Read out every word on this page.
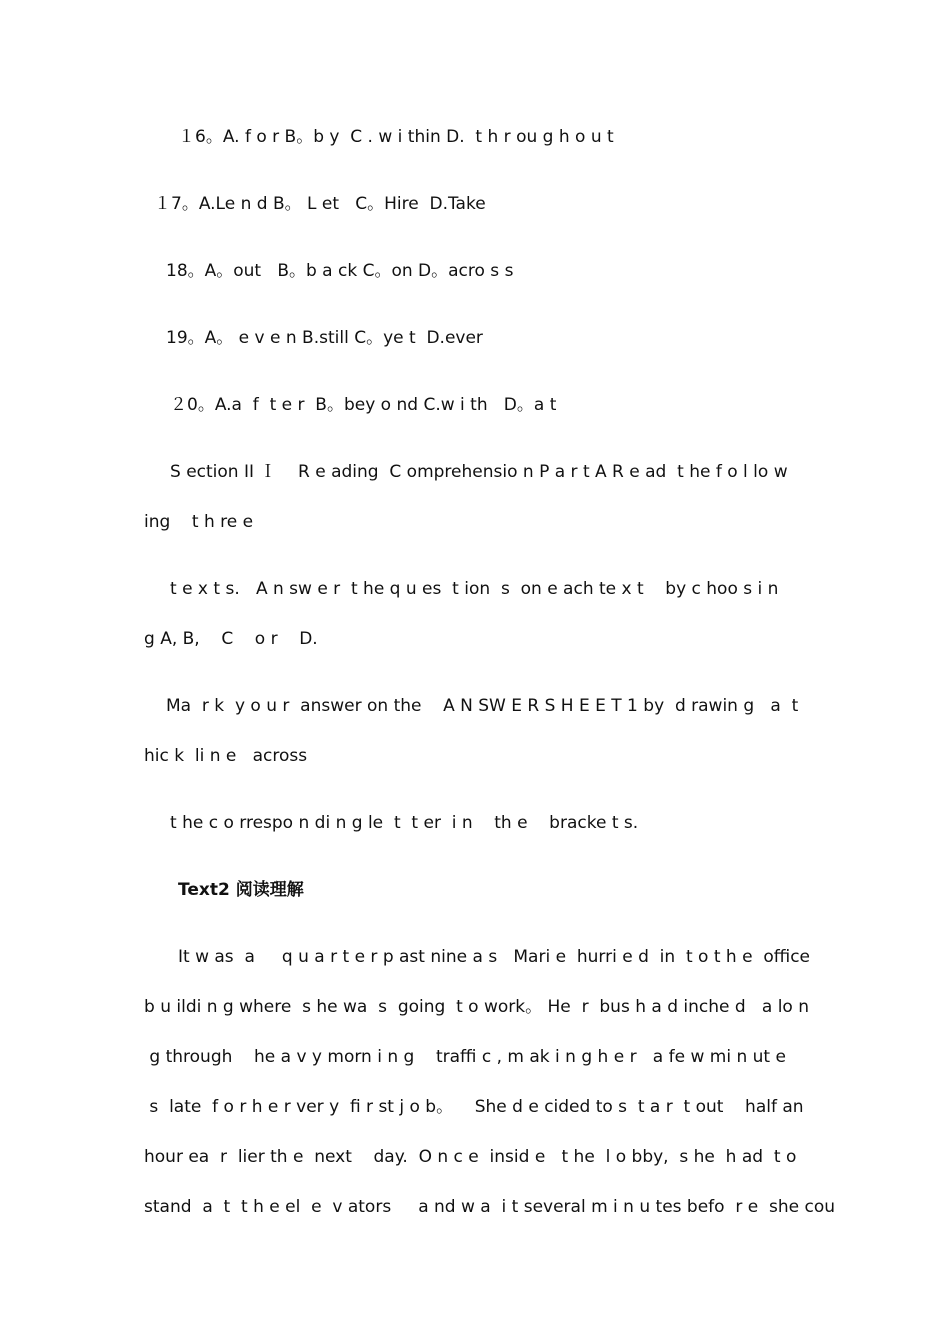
１6。A. f o r B。b y  C . w i thin D.  t h r ou g h o u t
１7。A.Le n d B。 L et   C。Hire  D.Take
18。A。out   B。b a ck C。on D。acro s s
19。A。 e v e n B.still C。ye t  D.ever
２0。A.a  f  t e r  B。bey o nd C.w i th   D。a t
S ection II Ｉ    R e ading  C omprehensio n P a r t A R e ad  t he f o l lo w
ing    t h re e
t e x t s.   A n sw e r  t he q u es  t ion  s  on e ach te x t    by c hoo s i n
g A, B,    C    o r    D.
Ma  r k  y o u r  answer on the    A N SW E R S H E E T 1 by  d rawin g   a  t
hic k  li n e   across
t he c o rrespo n di n g le  t  t er  i n    th e    bracke t s.
Text2 阅读理解
It w as  a     q u a r t e r p ast nine a s   Mari e  hurri e d  in  t o t h e  office
b u ildi n g where  s he wa  s  going  t o work。 He  r  bus h a d inche d   a lo n
g through    he a v y morn i n g    traffi c , m ak i n g h e r   a fe w mi n ut e
s  late  f o r h e r ver y  fi r st j o b。    She d e cided to s  t a r  t out    half an
hour ea  r  lier th e  next    day.  O n c e  insid e   t he  l o bby,  s he  h ad  t o
stand  a  t  t h e el  e  v ators     a nd w a  i t several m i n u tes befo  r e  she cou
